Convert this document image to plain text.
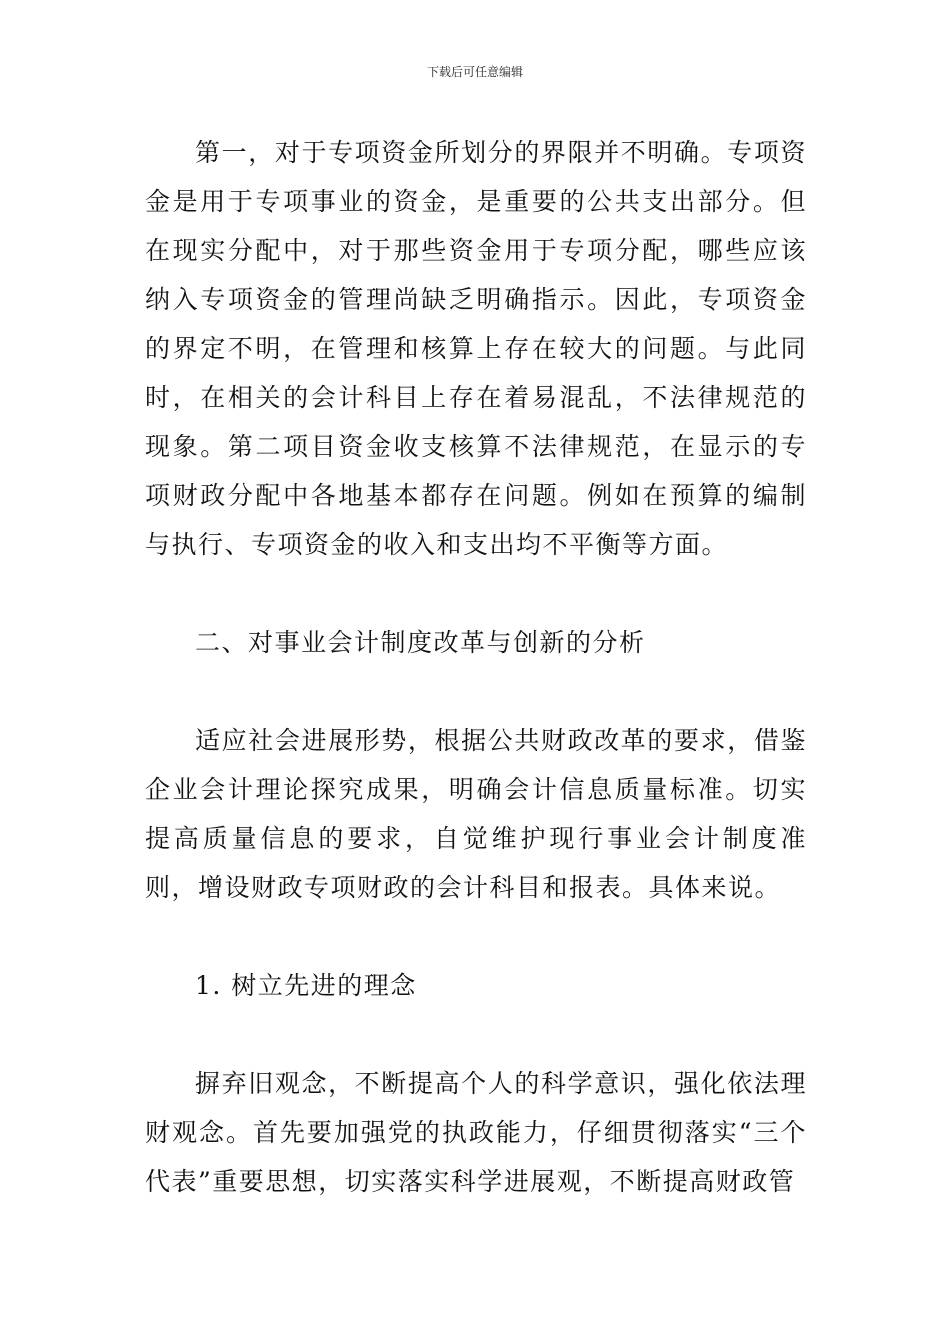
下载后可任意编辑

第一，对于专项资金所划分的界限并不明确。专项资金是用于专项事业的资金，是重要的公共支出部分。但在现实分配中，对于那些资金用于专项分配，哪些应该纳入专项资金的管理尚缺乏明确指示。因此，专项资金的界定不明，在管理和核算上存在较大的问题。与此同时，在相关的会计科目上存在着易混乱，不法律规范的现象。第二项目资金收支核算不法律规范，在显示的专项财政分配中各地基本都存在问题。例如在预算的编制与执行、专项资金的收入和支出均不平衡等方面。

二、对事业会计制度改革与创新的分析

适应社会进展形势，根据公共财政改革的要求，借鉴企业会计理论探究成果，明确会计信息质量标准。切实提高质量信息的要求，自觉维护现行事业会计制度准则，增设财政专项财政的会计科目和报表。具体来说。

1. 树立先进的理念

摒弃旧观念，不断提高个人的科学意识，强化依法理财观念。首先要加强党的执政能力，仔细贯彻落实“三个代表”重要思想，切实落实科学进展观，不断提高财政管
